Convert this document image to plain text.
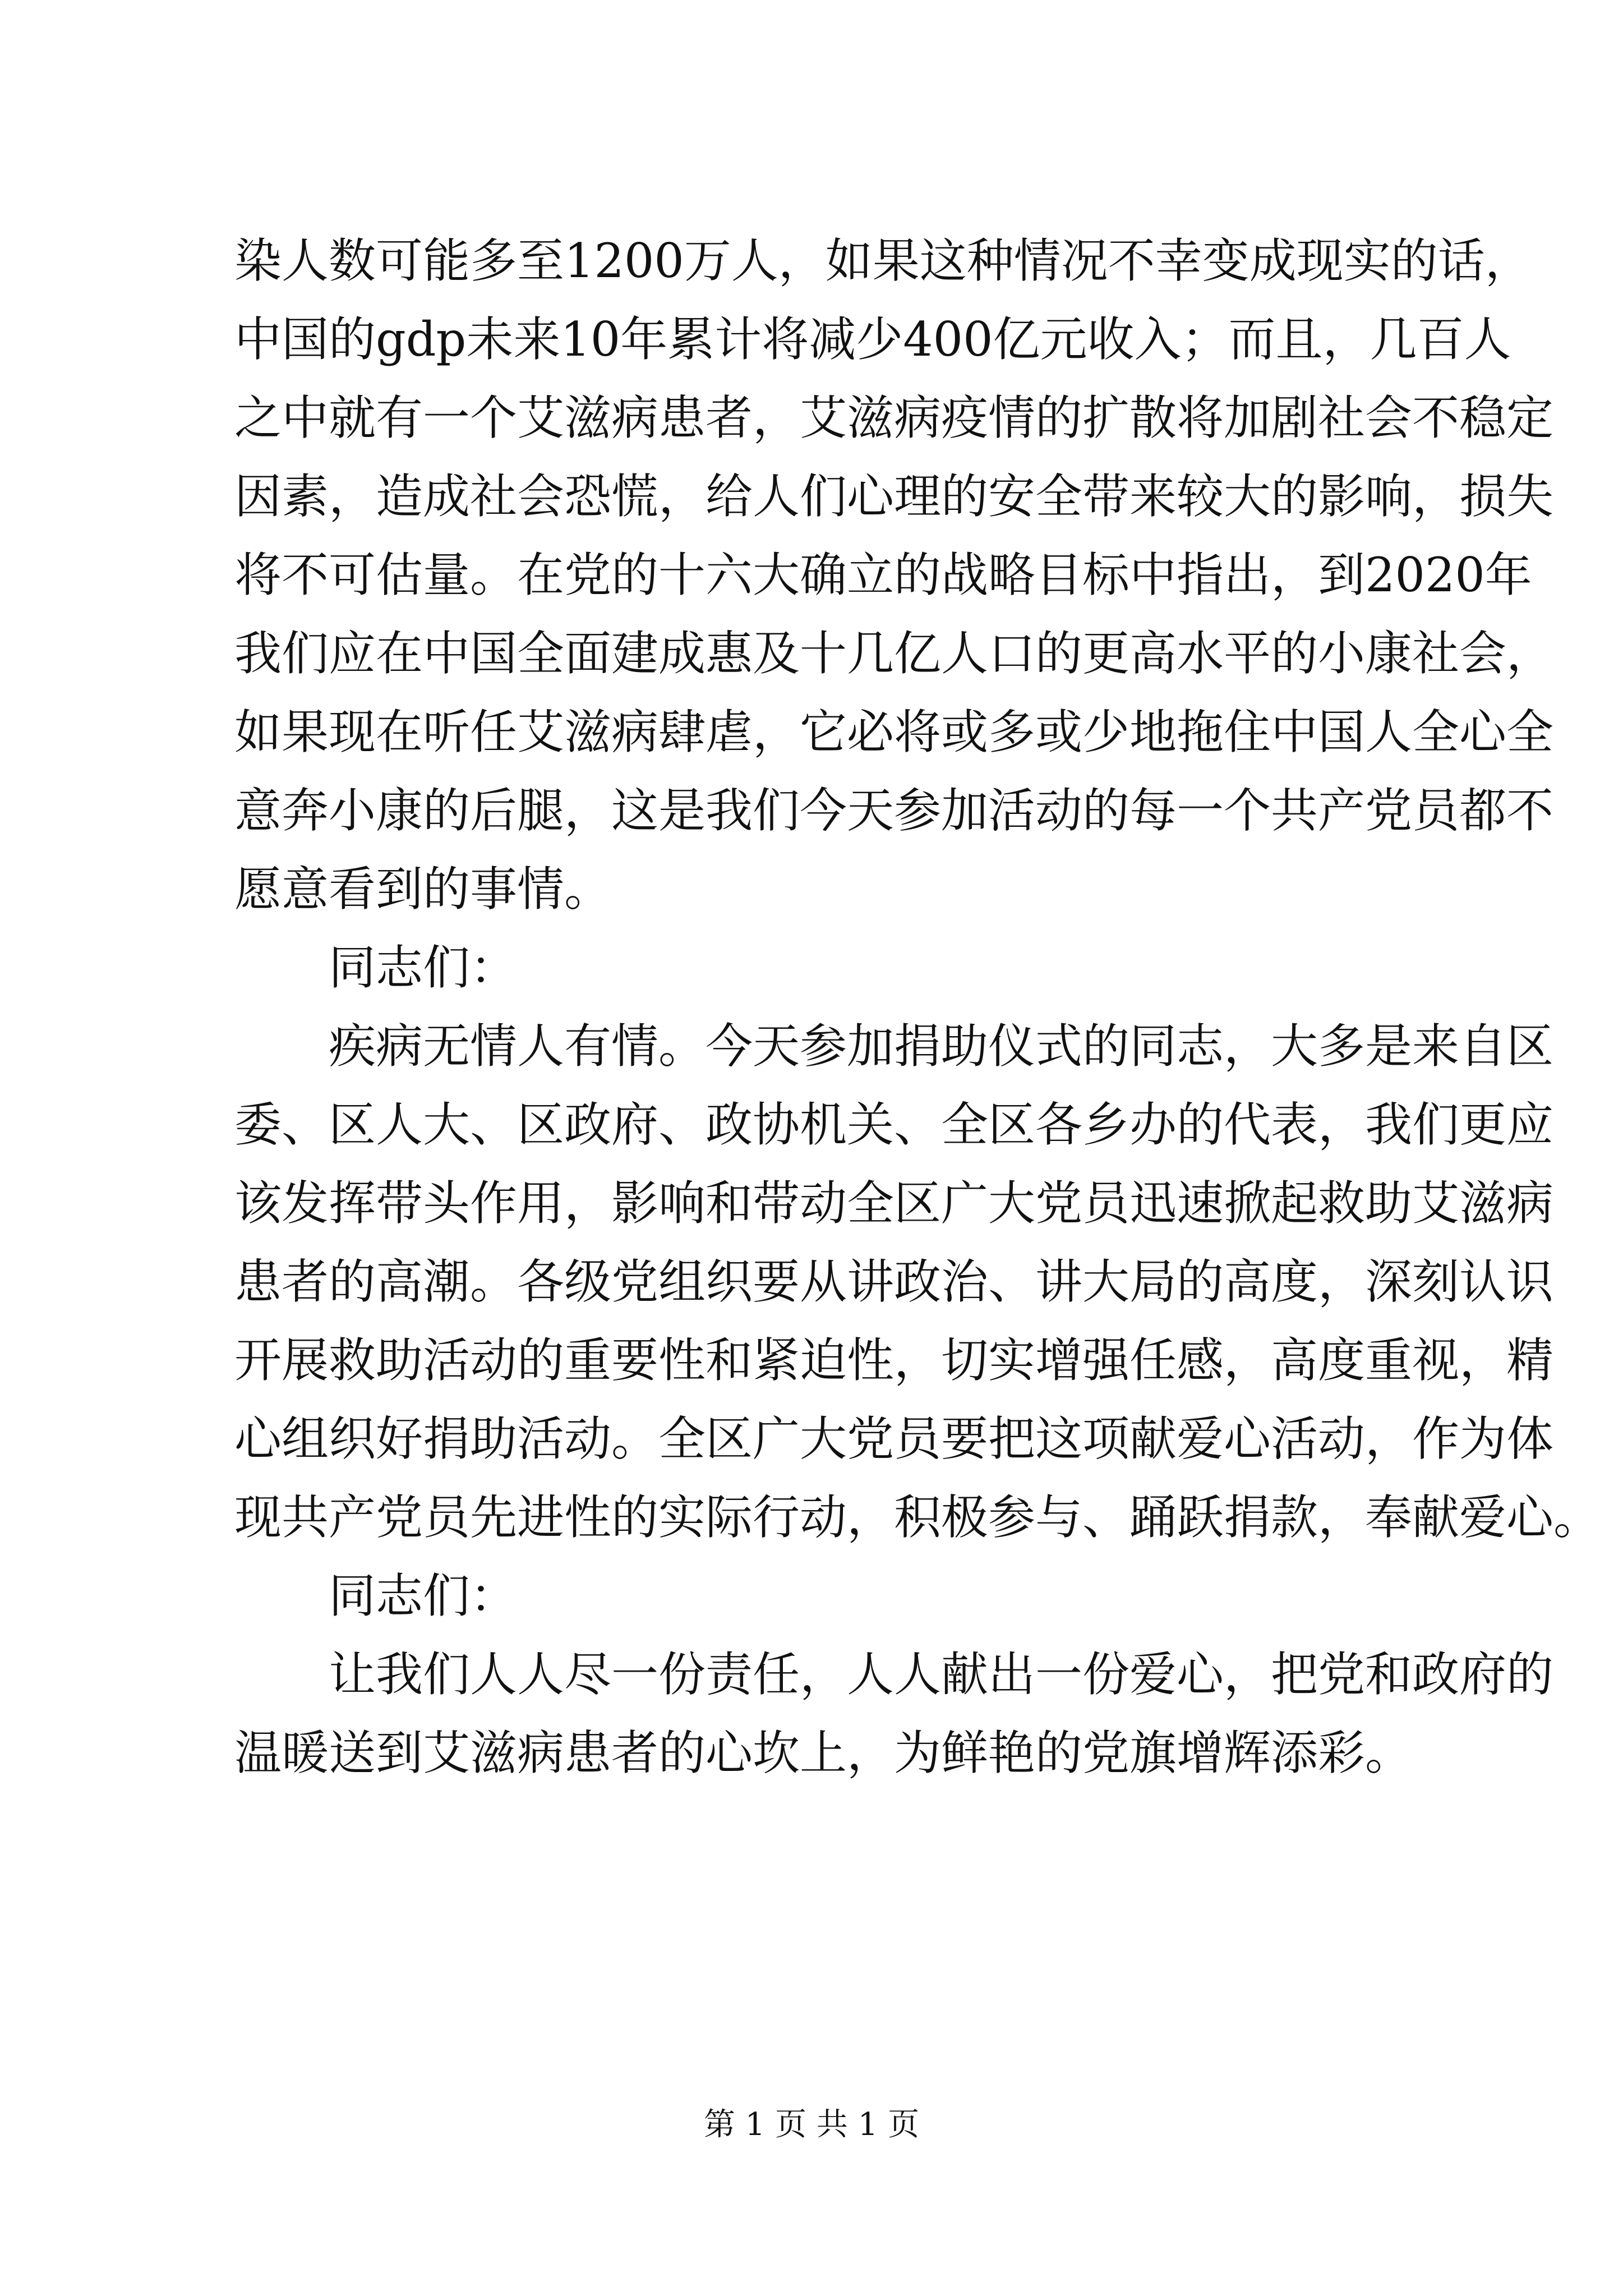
染人数可能多至1200万人，如果这种情况不幸变成现实的话，
中国的gdp未来10年累计将减少400亿元收入；而且，几百人
之中就有一个艾滋病患者，艾滋病疫情的扩散将加剧社会不稳定
因素，造成社会恐慌，给人们心理的安全带来较大的影响，损失
将不可估量。在党的十六大确立的战略目标中指出，到2020年
我们应在中国全面建成惠及十几亿人口的更高水平的小康社会，
如果现在听任艾滋病肆虐，它必将或多或少地拖住中国人全心全
意奔小康的后腿，这是我们今天参加活动的每一个共产党员都不
愿意看到的事情。
同志们：
疾病无情人有情。今天参加捐助仪式的同志，大多是来自区
委、区人大、区政府、政协机关、全区各乡办的代表，我们更应
该发挥带头作用，影响和带动全区广大党员迅速掀起救助艾滋病
患者的高潮。各级党组织要从讲政治、讲大局的高度，深刻认识
开展救助活动的重要性和紧迫性，切实增强任感，高度重视，精
心组织好捐助活动。全区广大党员要把这项献爱心活动，作为体
现共产党员先进性的实际行动，积极参与、踊跃捐款，奉献爱心。
同志们：
让我们人人尽一份责任，人人献出一份爱心，把党和政府的
温暖送到艾滋病患者的心坎上，为鲜艳的党旗增辉添彩。
第 1 页 共 1 页
